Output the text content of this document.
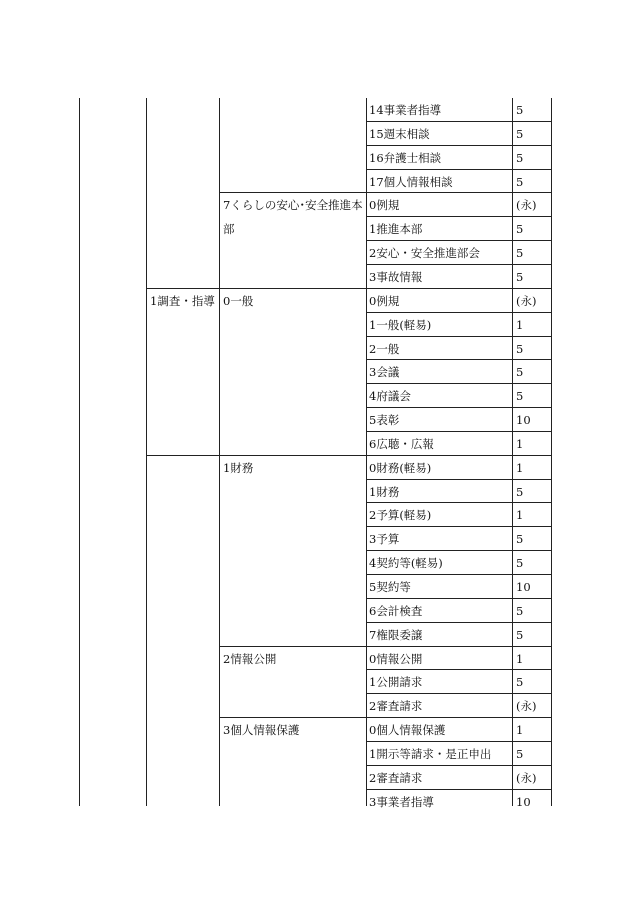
14事業者指導	5
15週末相談	5
16弁護士相談	5
17個人情報相談	5
7くらしの安心･安全推進本
部
0例規	(永)
1推進本部	5
2安心・安全推進部会	5
3事故情報	5
1調査・指導 0一般	0例規	(永)
1一般(軽易)	1
2一般	5
3会議	5
4府議会	5
5表彰	10
6広聴・広報	1
1財務	0財務(軽易)	1
1財務	5
2予算(軽易)	1
3予算	5
4契約等(軽易)	5
5契約等	10
6会計検査	5
7権限委譲	5
2情報公開	0情報公開	1
1公開請求	5
2審査請求	(永)
3個人情報保護	0個人情報保護	1
1開示等請求・是正申出 5
2審査請求	(永)
3事業者指導	10
